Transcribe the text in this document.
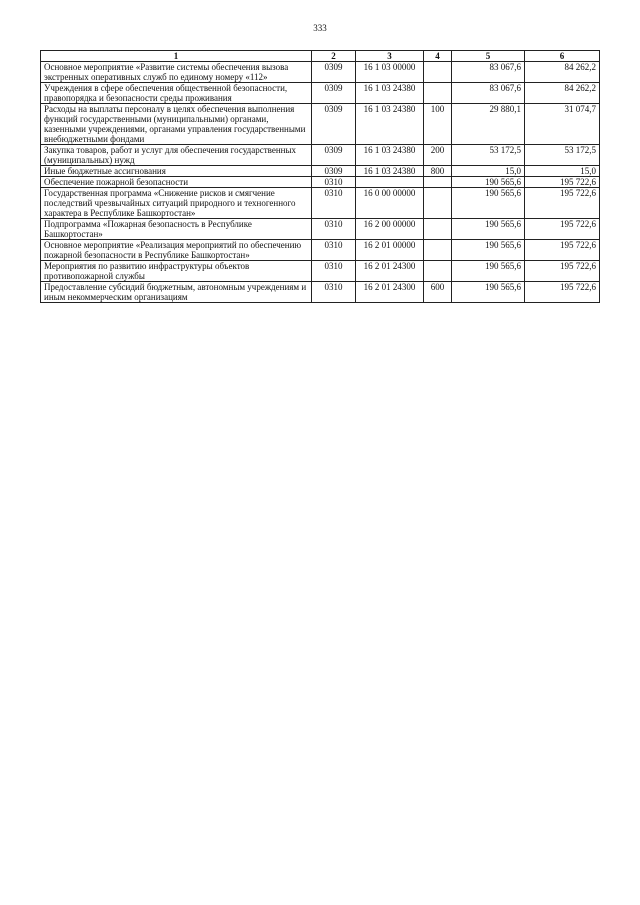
333
1	2	3	4	5	6
Основное мероприятие «Развитие системы обеспечения вызова экстренных оперативных служб по единому номеру «112»	0309	16 1 03 00000		83 067,6	84 262,2
Учреждения в сфере обеспечения общественной безопасности, правопорядка и безопасности среды проживания	0309	16 1 03 24380		83 067,6	84 262,2
Расходы на выплаты персоналу в целях обеспечения выполнения функций государственными (муниципальными) органами, казенными учреждениями, органами управления государственными внебюджетными фондами	0309	16 1 03 24380	100	29 880,1	31 074,7
Закупка товаров, работ и услуг для обеспечения государственных (муниципальных) нужд	0309	16 1 03 24380	200	53 172,5	53 172,5
Иные бюджетные ассигнования	0309	16 1 03 24380	800	15,0	15,0
Обеспечение пожарной безопасности	0310			190 565,6	195 722,6
Государственная программа «Снижение рисков и смягчение последствий чрезвычайных ситуаций природного и техногенного характера в Республике Башкортостан»	0310	16 0 00 00000		190 565,6	195 722,6
Подпрограмма «Пожарная безопасность в Республике Башкортостан»	0310	16 2 00 00000		190 565,6	195 722,6
Основное мероприятие «Реализация мероприятий по обеспечению пожарной безопасности в Республике Башкортостан»	0310	16 2 01 00000		190 565,6	195 722,6
Мероприятия по развитию инфраструктуры объектов противопожарной службы	0310	16 2 01 24300		190 565,6	195 722,6
Предоставление субсидий бюджетным, автономным учреждениям и иным некоммерческим организациям	0310	16 2 01 24300	600	190 565,6	195 722,6
